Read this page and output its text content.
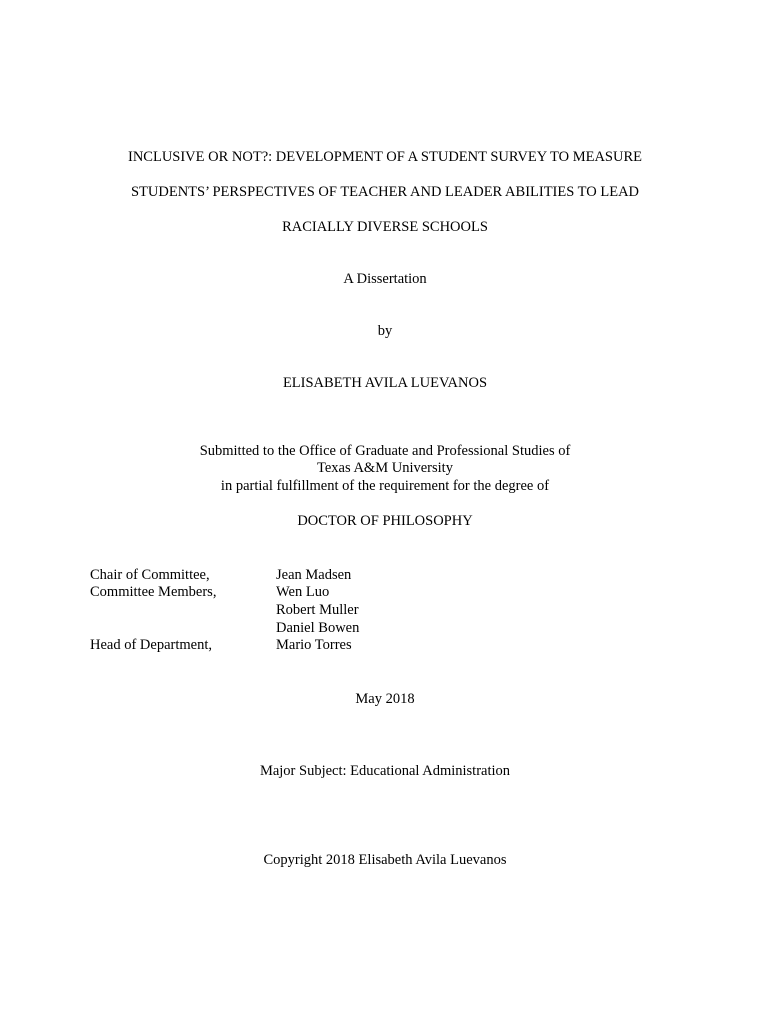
INCLUSIVE OR NOT?: DEVELOPMENT OF A STUDENT SURVEY TO MEASURE
STUDENTS’ PERSPECTIVES OF TEACHER AND LEADER ABILITIES TO LEAD
RACIALLY DIVERSE SCHOOLS
A Dissertation
by
ELISABETH AVILA LUEVANOS
Submitted to the Office of Graduate and Professional Studies of
Texas A&M University
in partial fulfillment of the requirement for the degree of
DOCTOR OF PHILOSOPHY
Chair of Committee,
Committee Members,
Head of Department,
Jean Madsen
Wen Luo
Robert Muller
Daniel Bowen
Mario Torres
May 2018
Major Subject: Educational Administration
Copyright 2018 Elisabeth Avila Luevanos
